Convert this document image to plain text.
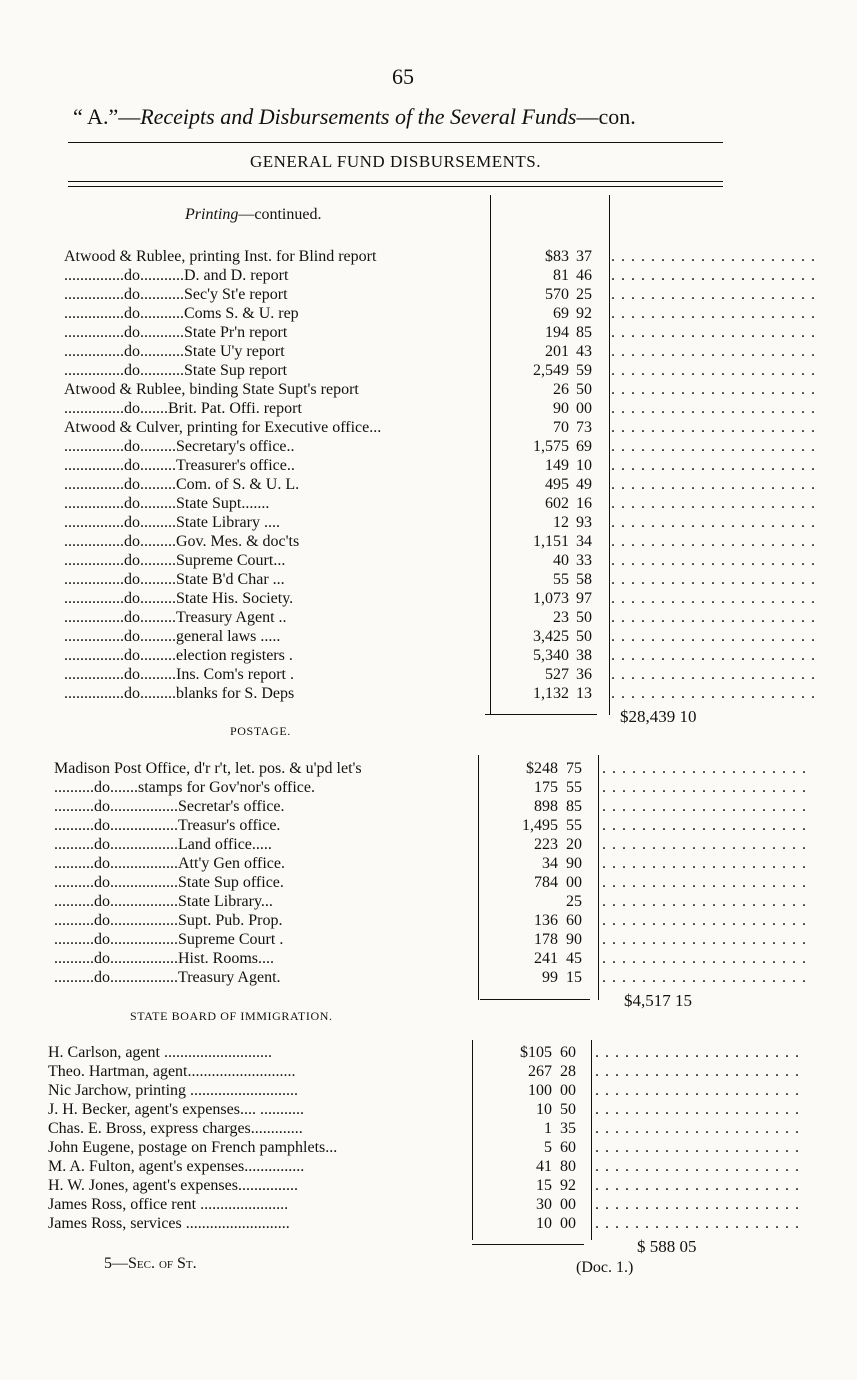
65
“ A.”—Receipts and Disbursements of the Several Funds—con.
GENERAL FUND DISBURSEMENTS.
Printing—continued.
Atwood & Rublee, printing Inst. for Blind report	$83 37	. . . . . . . . . . . . . . . . . . . . .
...............do...........D. and D. report	81 46	. . . . . . . . . . . . . . . . . . . . .
...............do...........Sec'y St'e report	570 25	. . . . . . . . . . . . . . . . . . . . .
...............do...........Coms S. & U. rep	69 92	. . . . . . . . . . . . . . . . . . . . .
...............do...........State Pr'n report	194 85	. . . . . . . . . . . . . . . . . . . . .
...............do...........State U'y report	201 43	. . . . . . . . . . . . . . . . . . . . .
...............do...........State Sup report	2,549 59	. . . . . . . . . . . . . . . . . . . . .
Atwood & Rublee, binding State Supt's report	26 50	. . . . . . . . . . . . . . . . . . . . .
...............do.......Brit. Pat. Offi. report	90 00	. . . . . . . . . . . . . . . . . . . . .
Atwood & Culver, printing for Executive office...	70 73	. . . . . . . . . . . . . . . . . . . . .
...............do.........Secretary's office..	1,575 69	. . . . . . . . . . . . . . . . . . . . .
...............do.........Treasurer's office..	149 10	. . . . . . . . . . . . . . . . . . . . .
...............do.........Com. of S. & U. L.	495 49	. . . . . . . . . . . . . . . . . . . . .
...............do.........State Supt.......	602 16	. . . . . . . . . . . . . . . . . . . . .
...............do.........State Library ....	12 93	. . . . . . . . . . . . . . . . . . . . .
...............do.........Gov. Mes. & doc'ts	1,151 34	. . . . . . . . . . . . . . . . . . . . .
...............do.........Supreme Court...	40 33	. . . . . . . . . . . . . . . . . . . . .
...............do.........State B'd Char ...	55 58	. . . . . . . . . . . . . . . . . . . . .
...............do.........State His. Society.	1,073 97	. . . . . . . . . . . . . . . . . . . . .
...............do.........Treasury Agent ..	23 50	. . . . . . . . . . . . . . . . . . . . .
...............do.........general laws .....	3,425 50	. . . . . . . . . . . . . . . . . . . . .
...............do.........election registers .	5,340 38	. . . . . . . . . . . . . . . . . . . . .
...............do.........Ins. Com's report .	527 36	. . . . . . . . . . . . . . . . . . . . .
...............do.........blanks for S. Deps	1,132 13	. . . . . . . . . . . . . . . . . . . . .
$28,439 10
POSTAGE.
Madison Post Office, d'r r't, let. pos. & u'pd let's	$248 75	. . . . . . . . . . . . . . . . . . . . .
..........do.......stamps for Gov'nor's office.	175 55	. . . . . . . . . . . . . . . . . . . . .
..........do.................Secretar's office.	898 85	. . . . . . . . . . . . . . . . . . . . .
..........do.................Treasur's office.	1,495 55	. . . . . . . . . . . . . . . . . . . . .
..........do.................Land office.....	223 20	. . . . . . . . . . . . . . . . . . . . .
..........do.................Att'y Gen office.	34 90	. . . . . . . . . . . . . . . . . . . . .
..........do.................State Sup office.	784 00	. . . . . . . . . . . . . . . . . . . . .
..........do.................State Library...	25	. . . . . . . . . . . . . . . . . . . . .
..........do.................Supt. Pub. Prop.	136 60	. . . . . . . . . . . . . . . . . . . . .
..........do.................Supreme Court .	178 90	. . . . . . . . . . . . . . . . . . . . .
..........do.................Hist. Rooms....	241 45	. . . . . . . . . . . . . . . . . . . . .
..........do.................Treasury Agent.	99 15	. . . . . . . . . . . . . . . . . . . . .
$4,517 15
STATE BOARD OF IMMIGRATION.
H. Carlson, agent ...........................	$105 60	. . . . . . . . . . . . . . . . . . . . .
Theo. Hartman, agent...........................	267 28	. . . . . . . . . . . . . . . . . . . . .
Nic Jarchow, printing ...........................	100 00	. . . . . . . . . . . . . . . . . . . . .
J. H. Becker, agent's expenses.... ...........	10 50	. . . . . . . . . . . . . . . . . . . . .
Chas. E. Bross, express charges.............	1 35	. . . . . . . . . . . . . . . . . . . . .
John Eugene, postage on French pamphlets...	5 60	. . . . . . . . . . . . . . . . . . . . .
M. A. Fulton, agent's expenses...............	41 80	. . . . . . . . . . . . . . . . . . . . .
H. W. Jones, agent's expenses...............	15 92	. . . . . . . . . . . . . . . . . . . . .
James Ross, office rent ......................	30 00	. . . . . . . . . . . . . . . . . . . . .
James Ross, services ..........................	10 00	. . . . . . . . . . . . . . . . . . . . .
$ 588 05
5—Sec. of St.	(Doc. 1.)
